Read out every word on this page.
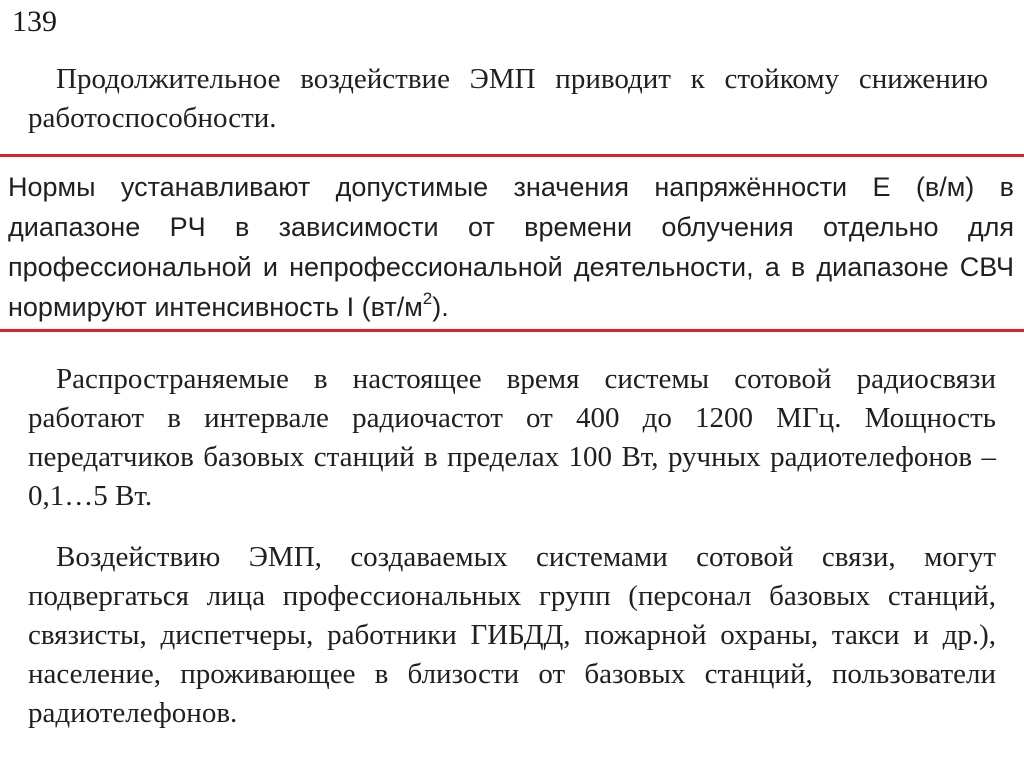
139

Продолжительное воздействие ЭМП приводит к стойкому снижению работоспособности.

Нормы устанавливают допустимые значения напряжённости Е (в/м) в диапазоне РЧ в зависимости от времени облучения отдельно для профессиональной и непрофессиональной деятельности, а в диапазоне СВЧ нормируют интенсивность I $(вт/м^2)$.

Распространяемые в настоящее время системы сотовой радиосвязи работают в интервале радиочастот от 400 до 1200 МГц. Мощность передатчиков базовых станций в пределах 100 Вт, ручных радиотелефонов – 0,1…5 Вт.

Воздействию ЭМП, создаваемых системами сотовой связи, могут подвергаться лица профессиональных групп (персонал базовых станций, связисты, диспетчеры, работники ГИБДД, пожарной охраны, такси и др.), население, проживающее в близости от базовых станций, пользователи радиотелефонов.
